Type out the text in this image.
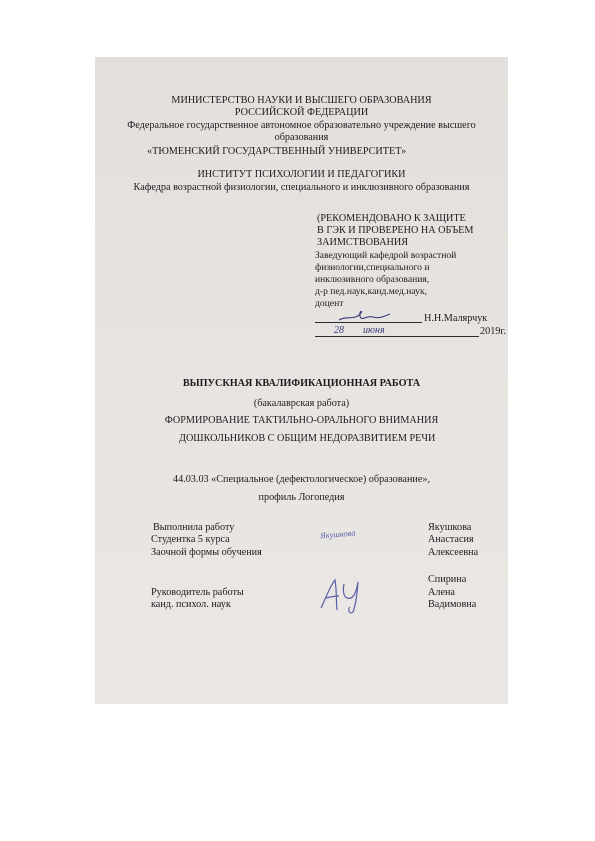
МИНИСТЕРСТВО НАУКИ И ВЫСШЕГО ОБРАЗОВАНИЯ
РОССИЙСКОЙ ФЕДЕРАЦИИ
Федеральное государственное автономное образовательно учреждение высшего
образования
«ТЮМЕНСКИЙ ГОСУДАРСТВЕННЫЙ УНИВЕРСИТЕТ»
ИНСТИТУТ ПСИХОЛОГИИ И ПЕДАГОГИКИ
Кафедра возрастной физиологии, специального и инклюзивного образования
(РЕКОМЕНДОВАНО К ЗАЩИТЕ
В ГЭК И ПРОВЕРЕНО НА ОБЪЕМ
ЗАИМСТВОВАНИЯ
Заведующий кафедрой возрастной
физиологии,специального и
инклюзивного образования,
д-р пед.наук,канд.мед.наук,
доцент
Н.Н.Малярчук
28 июня	2019г.
ВЫПУСКНАЯ КВАЛИФИКАЦИОННАЯ РАБОТА
(бакалаврская работа)
ФОРМИРОВАНИЕ ТАКТИЛЬНО-ОРАЛЬНОГО ВНИМАНИЯ
ДОШКОЛЬНИКОВ С ОБЩИМ НЕДОРАЗВИТИЕМ РЕЧИ
44.03.03 «Специальное (дефектологическое) образование»,
профиль Логопедия
Выполнила работу
Студентка 5 курса
Заочной формы обучения
Якушкова	Якушкова
Анастасия
Алексеевна
Руководитель работы
канд. психол. наук
Спирина
Алена
Вадимовна
